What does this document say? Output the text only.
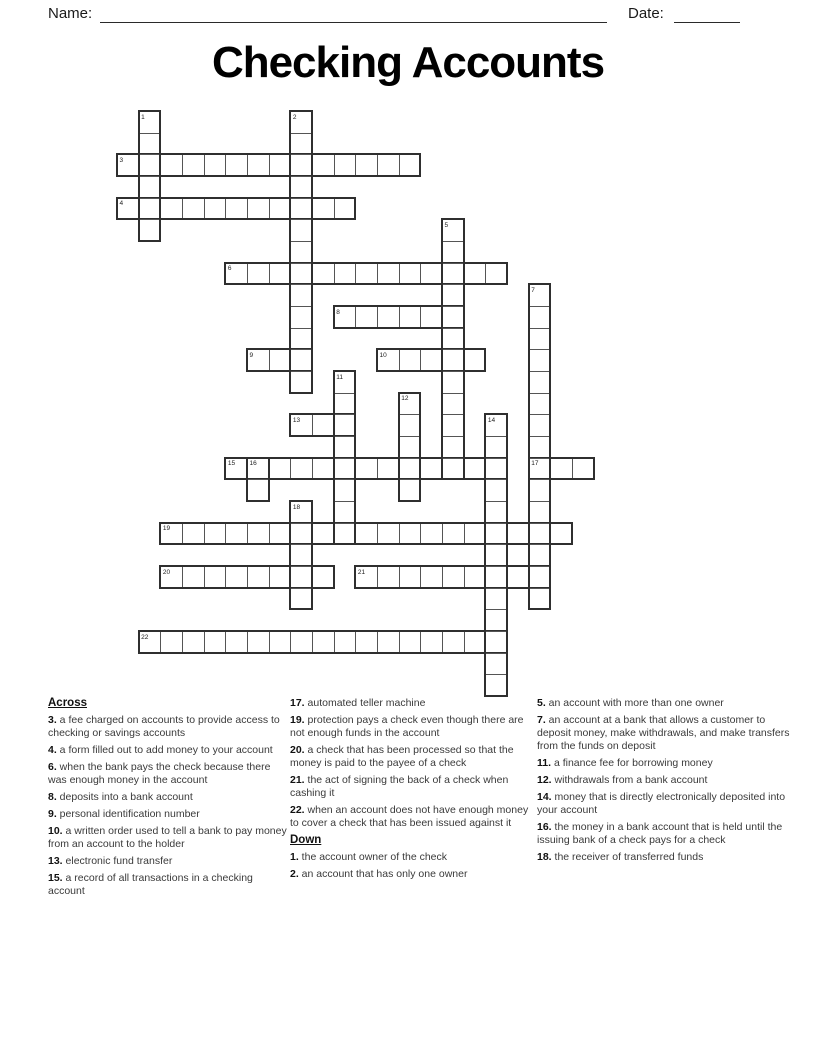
Name:	Date:
Checking Accounts
3
4
6
8
9	10
13
15	17
19
20	21
22
1	2
5
7
11
12
14
16
18
Across

3. a fee charged on accounts to provide access to checking or savings accounts

4. a form filled out to add money to your account

6. when the bank pays the check because there was enough money in the account

8. deposits into a bank account

9. personal identification number

10. a written order used to tell a bank to pay money from an account to the holder

13. electronic fund transfer

15. a record of all transactions in a checking account

17. automated teller machine

19. protection pays a check even though there are not enough funds in the account

20. a check that has been processed so that the money is paid to the payee of a check

21. the act of signing the back of a check when cashing it

22. when an account does not have enough money to cover a check that has been issued against it

Down

1. the account owner of the check

2. an account that has only one owner

5. an account with more than one owner

7. an account at a bank that allows a customer to deposit money, make withdrawals, and make transfers from the funds on deposit

11. a finance fee for borrowing money

12. withdrawals from a bank account

14. money that is directly electronically deposited into your account

16. the money in a bank account that is held until the issuing bank of a check pays for a check

18. the receiver of transferred funds
